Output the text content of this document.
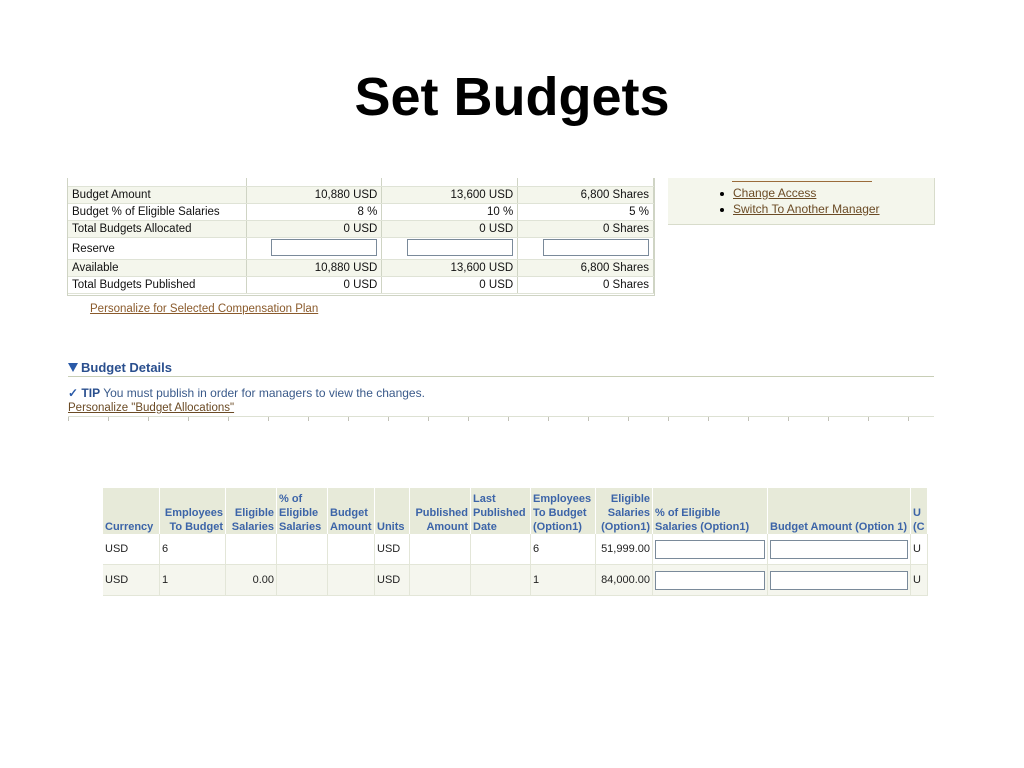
Set Budgets

Budget Amount	10,880 USD	13,600 USD	6,800 Shares
Budget % of Eligible Salaries	8 %	10 %	5 %
Total Budgets Allocated	0 USD	0 USD	0 Shares
Reserve			
Available	10,880 USD	13,600 USD	6,800 Shares
Total Budgets Published	0 USD	0 USD	0 Shares
Personalize for Selected Compensation Plan
Change Access
Switch To Another Manager
Budget Details
✓ TIP You must publish in order for managers to view the changes.
Personalize "Budget Allocations"
Currency	Employees To Budget	Eligible Salaries	% of Eligible Salaries	Budget Amount	Units	Published Amount	Last Published Date	Employees To Budget (Option1)	Eligible Salaries (Option1)	% of Eligible Salaries (Option1)	Budget Amount (Option 1)	U (C
USD	6				USD			6	51,999.00			U
USD	1	0.00			USD			1	84,000.00			U
